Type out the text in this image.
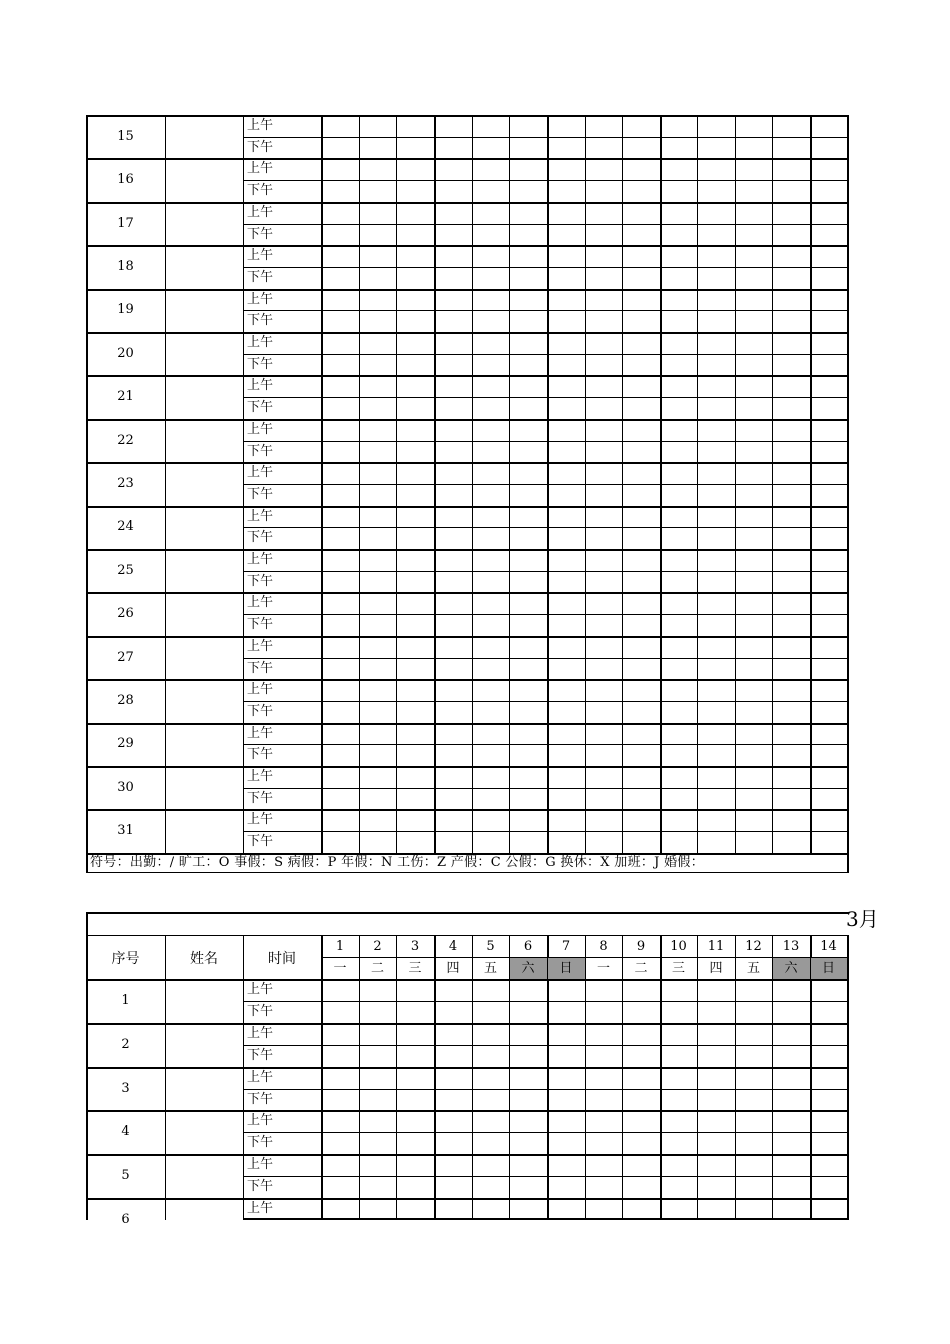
15
上午
下午
16
上午
下午
17
上午
下午
18
上午
下午
19
上午
下午
20
上午
下午
21
上午
下午
22
上午
下午
23
上午
下午
24
上午
下午
25
上午
下午
26
上午
下午
27
上午
下午
28
上午
下午
29
上午
下午
30
上午
下午
31
上午
下午
符号：出勤：/ 旷工：O 事假：S 病假：P 年假：N 工伤：Z 产假：C 公假：G 换休：X 加班：J 婚假：
3月
1
一
2
二
3
三
4
四
5
五
6
六
7
日
8
一
9
二
10
三
11
四
12
五
13
六
14
日
序号	姓名	时间
1
上午
下午
2
上午
下午
3
上午
下午
4
上午
下午
5
上午
下午
6
上午
